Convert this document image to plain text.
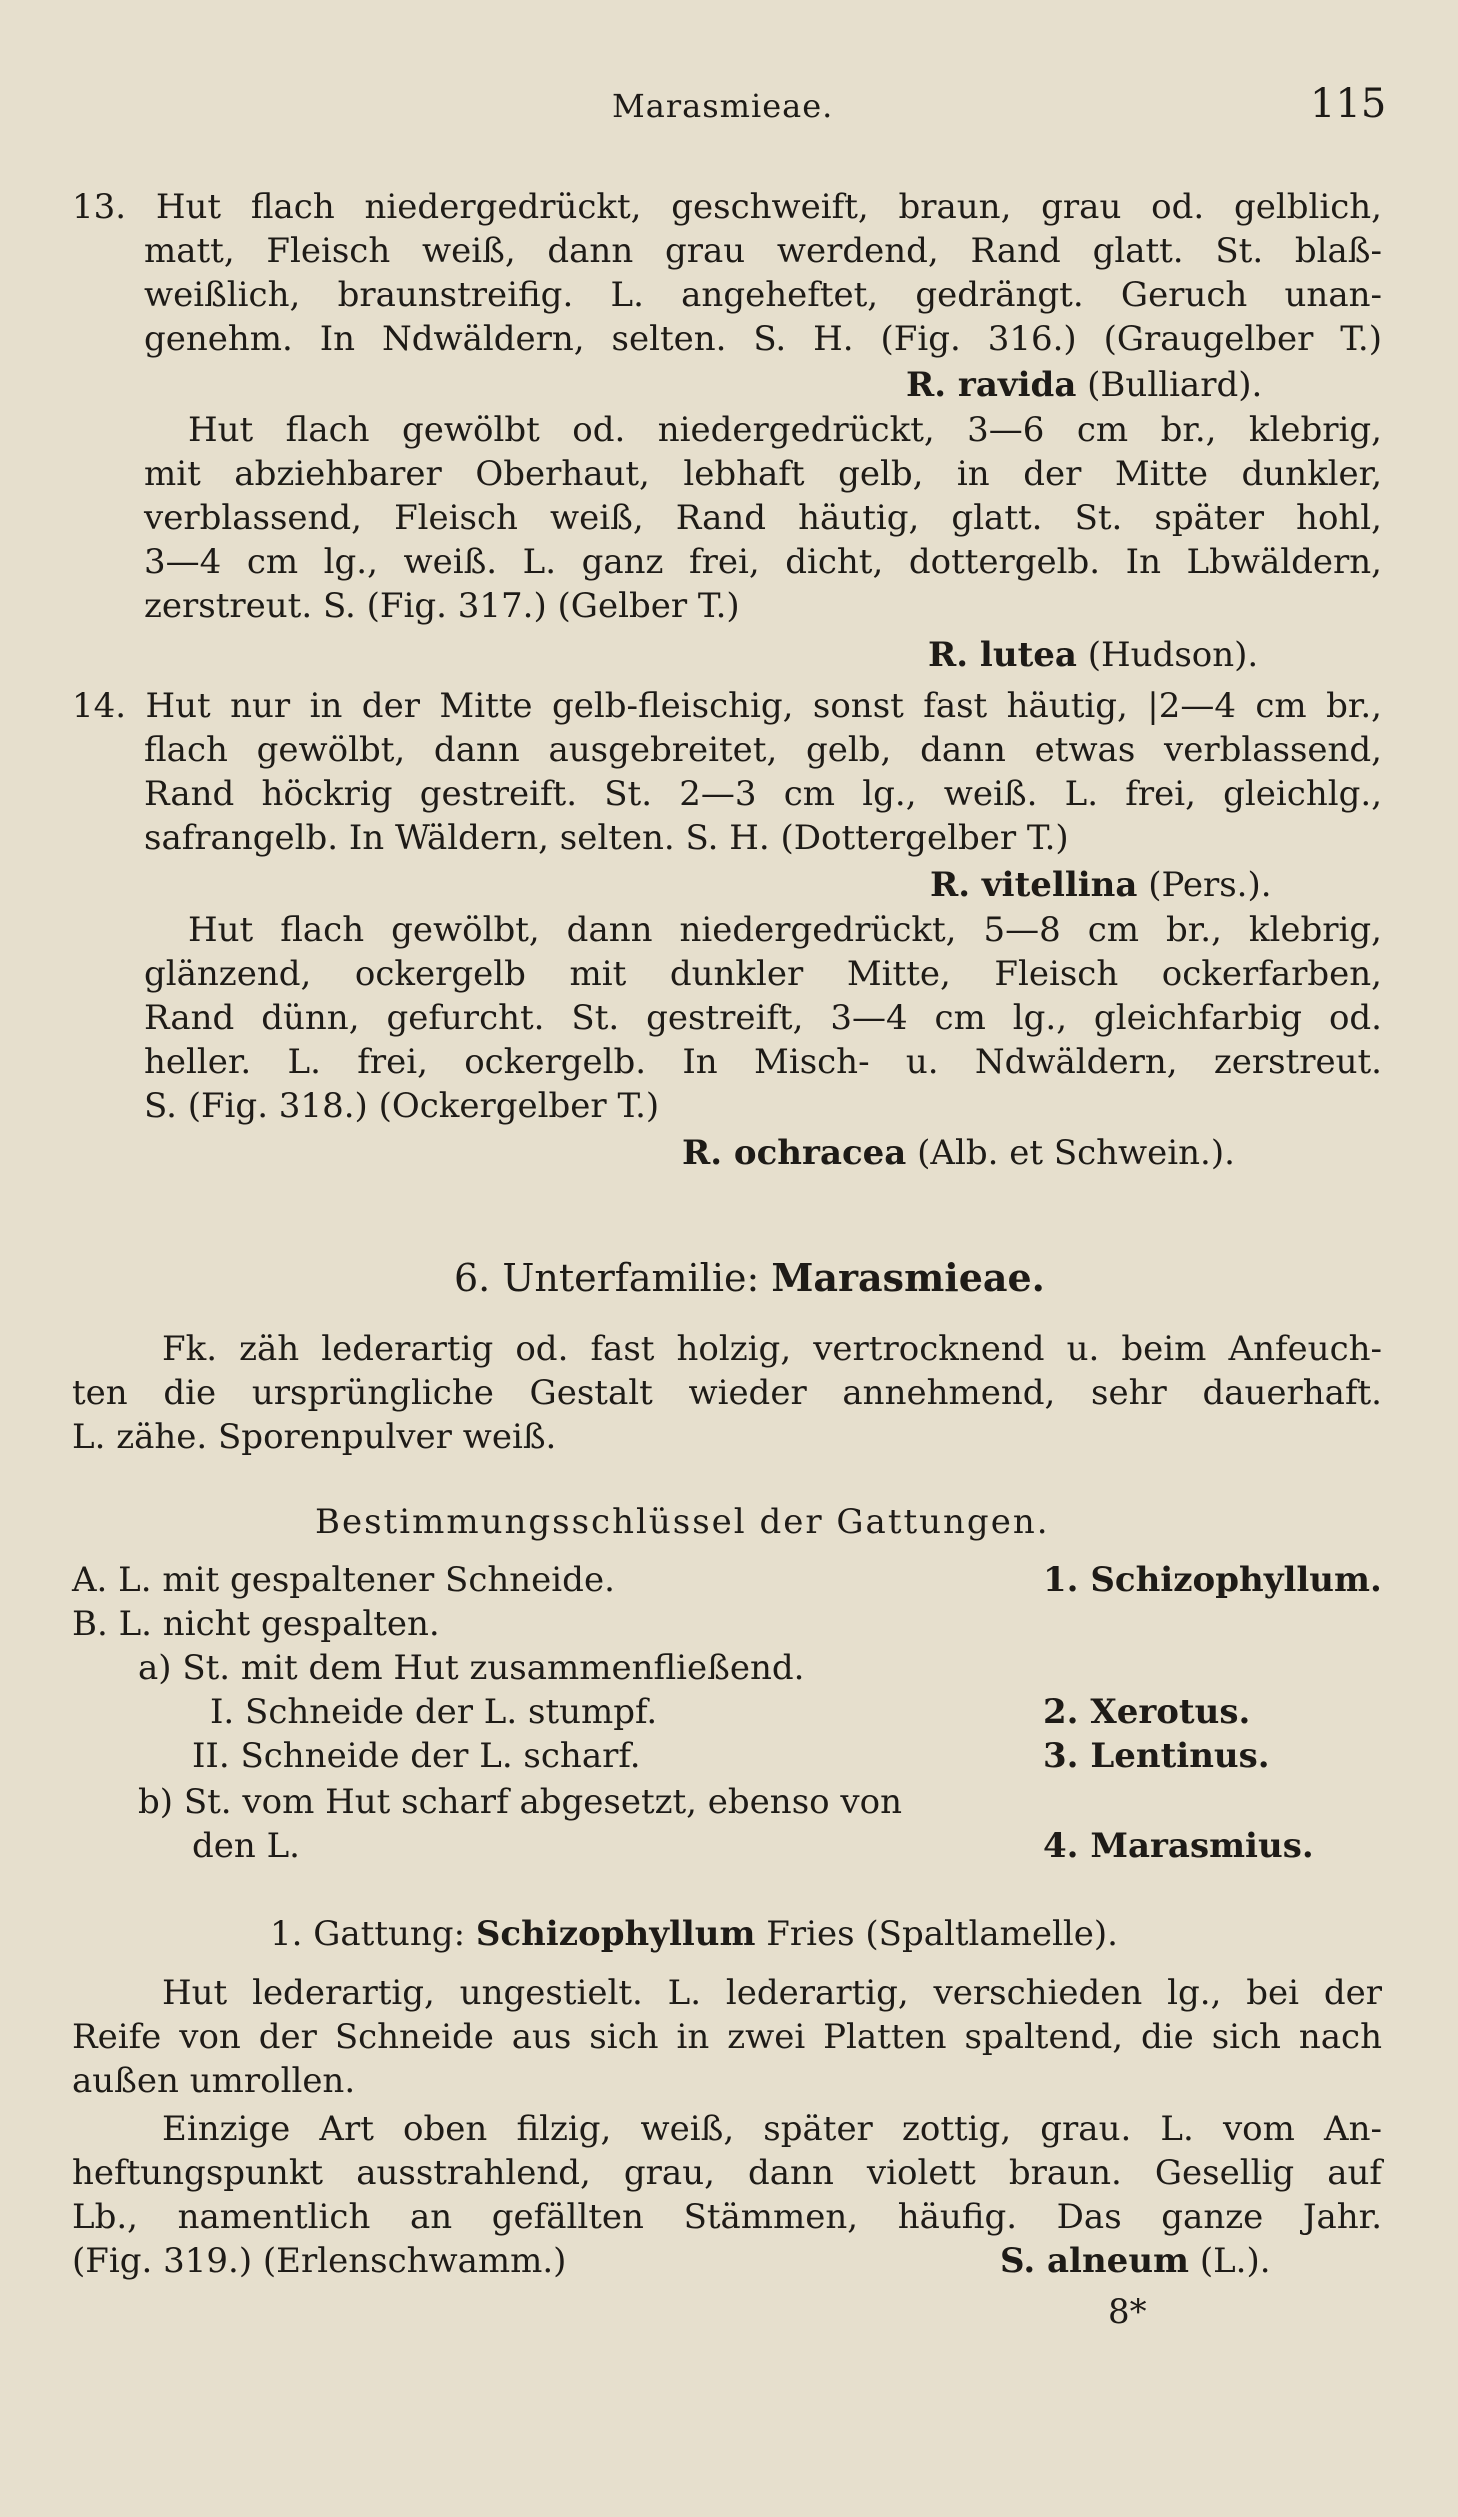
Marasmieae.	115
13. Hut flach niedergedrückt, geschweift, braun, grau od. gelblich,
matt, Fleisch weiß, dann grau werdend, Rand glatt. St. blaß-
weißlich, braunstreifig. L. angeheftet, gedrängt. Geruch unan-
genehm. In Ndwäldern, selten. S. H. (Fig. 316.) (Graugelber T.)
R. ravida (Bulliard).
Hut flach gewölbt od. niedergedrückt, 3—6 cm br., klebrig,
mit abziehbarer Oberhaut, lebhaft gelb, in der Mitte dunkler,
verblassend, Fleisch weiß, Rand häutig, glatt. St. später hohl,
3—4 cm lg., weiß. L. ganz frei, dicht, dottergelb. In Lbwäldern,
zerstreut. S. (Fig. 317.) (Gelber T.)
R. lutea (Hudson).
14. Hut nur in der Mitte gelb-fleischig, sonst fast häutig, |2—4 cm br.,
flach gewölbt, dann ausgebreitet, gelb, dann etwas verblassend,
Rand höckrig gestreift. St. 2—3 cm lg., weiß. L. frei, gleichlg.,
safrangelb. In Wäldern, selten. S. H. (Dottergelber T.)
R. vitellina (Pers.).
Hut flach gewölbt, dann niedergedrückt, 5—8 cm br., klebrig,
glänzend, ockergelb mit dunkler Mitte, Fleisch ockerfarben,
Rand dünn, gefurcht. St. gestreift, 3—4 cm lg., gleichfarbig od.
heller. L. frei, ockergelb. In Misch- u. Ndwäldern, zerstreut.
S. (Fig. 318.) (Ockergelber T.)
R. ochracea (Alb. et Schwein.).
6. Unterfamilie: Marasmieae.
Fk. zäh lederartig od. fast holzig, vertrocknend u. beim Anfeuch-
ten die ursprüngliche Gestalt wieder annehmend, sehr dauerhaft.
L. zähe. Sporenpulver weiß.
Bestimmungsschlüssel der Gattungen.
A. L. mit gespaltener Schneide.	1. Schizophyllum.
B. L. nicht gespalten.
a) St. mit dem Hut zusammenfließend.
I. Schneide der L. stumpf.	2. Xerotus.
II. Schneide der L. scharf.	3. Lentinus.
b) St. vom Hut scharf abgesetzt, ebenso von
den L.	4. Marasmius.
1. Gattung: Schizophyllum Fries (Spaltlamelle).
Hut lederartig, ungestielt. L. lederartig, verschieden lg., bei der
Reife von der Schneide aus sich in zwei Platten spaltend, die sich nach
außen umrollen.
Einzige Art oben filzig, weiß, später zottig, grau. L. vom An-
heftungspunkt ausstrahlend, grau, dann violett braun. Gesellig auf
Lb., namentlich an gefällten Stämmen, häufig. Das ganze Jahr.
(Fig. 319.) (Erlenschwamm.)	S. alneum (L.).
8*
